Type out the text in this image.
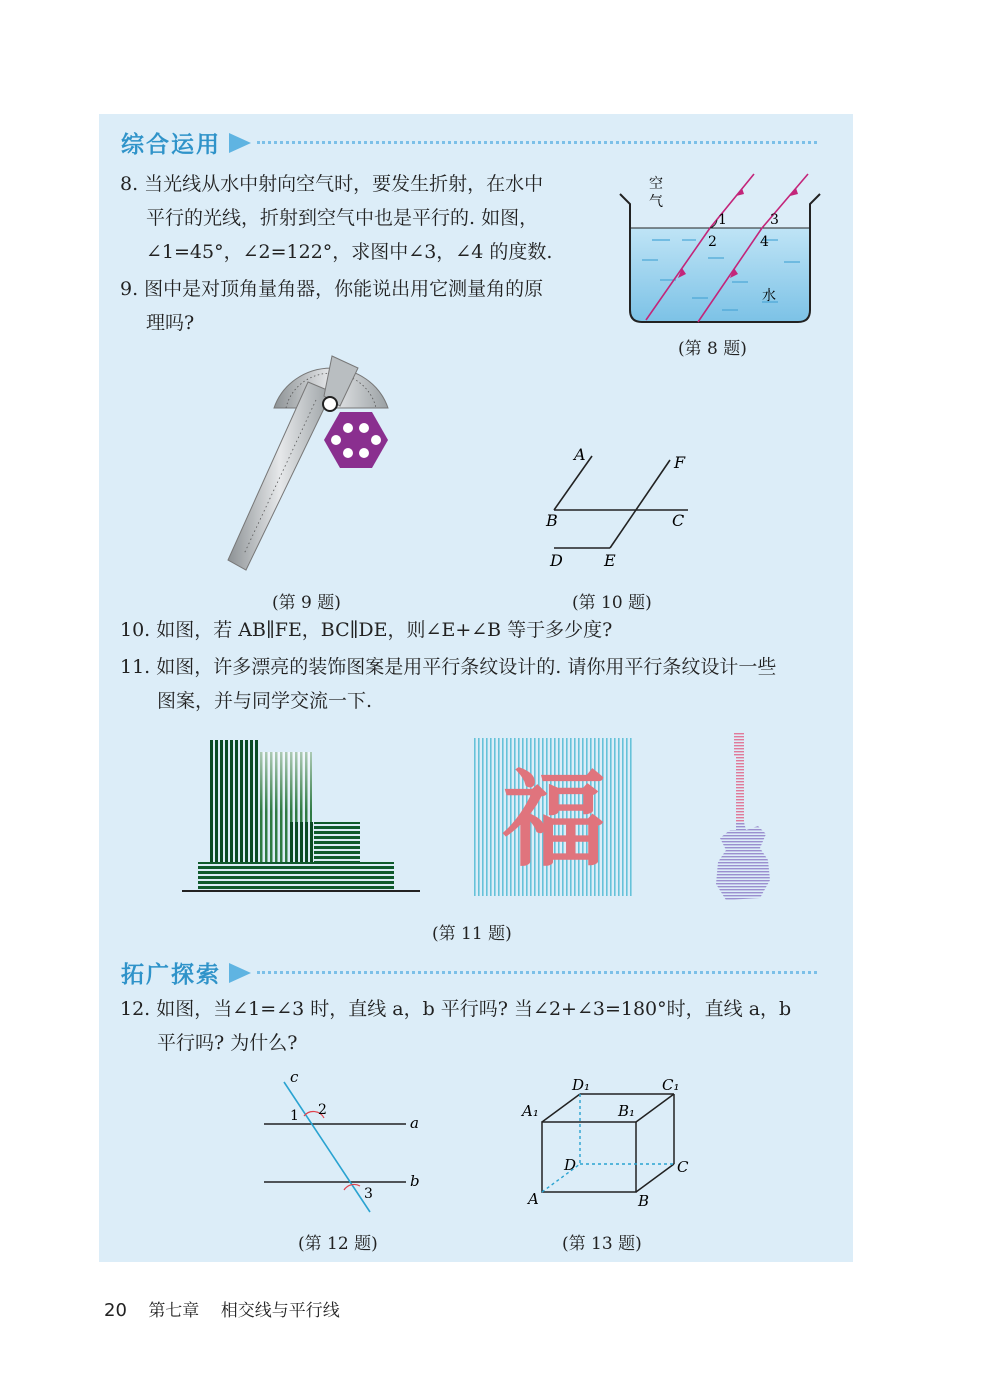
综合运用
8. 当光线从水中射向空气时，要发生折射，在水中
平行的光线，折射到空气中也是平行的. 如图，
∠1=45°，∠2=122°，求图中∠3，∠4 的度数.
9. 图中是对顶角量角器，你能说出用它测量角的原
理吗?
空
气
水
1
2
3
4
(第 8 题)
(第 9 题)
A
B	C
D	E
F
(第 10 题)
10. 如图，若 AB∥FE，BC∥DE，则∠E+∠B 等于多少度?
11. 如图，许多漂亮的装饰图案是用平行条纹设计的. 请你用平行条纹设计一些
图案，并与同学交流一下.
福
(第 11 题)
拓广探索
12. 如图，当∠1=∠3 时，直线 a，b 平行吗? 当∠2+∠3=180°时，直线 a，b
平行吗? 为什么?
c
a
b
1 2
3
(第 12 题)
A	B
C
D
A₁	B₁
C₁
D₁
(第 13 题)
20 第七章 相交线与平行线
